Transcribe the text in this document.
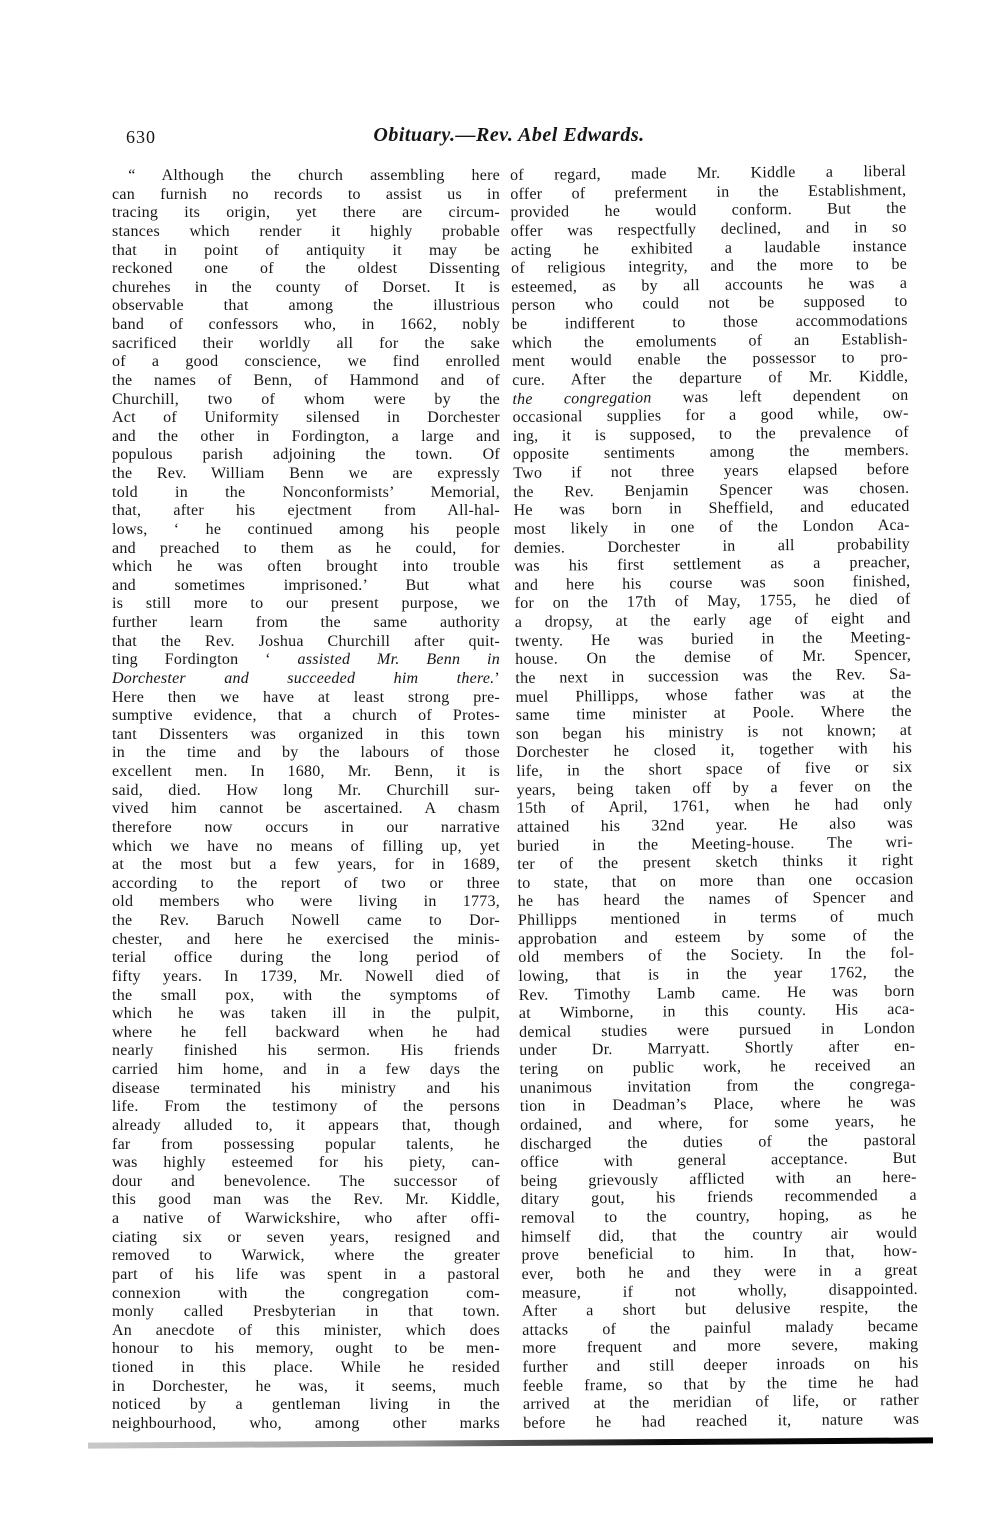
630	Obituary.—Rev. Abel Edwards.
 “ Although the church assembling here
can furnish no records to assist us in
tracing its origin, yet there are circum-
stances which render it highly probable
that in point of antiquity it may be
reckoned one of the oldest Dissenting
churehes in the county of Dorset. It is
observable that among the illustrious
band of confessors who, in 1662, nobly
sacrificed their worldly all for the sake
of a good conscience, we find enrolled
the names of Benn, of Hammond and of
Churchill, two of whom were by the
Act of Uniformity silensed in Dorchester
and the other in Fordington, a large and
populous parish adjoining the town. Of
the Rev. William Benn we are expressly
told in the Nonconformists’ Memorial,
that, after his ejectment from All-hal-
lows, ‘ he continued among his people
and preached to them as he could, for
which he was often brought into trouble
and sometimes imprisoned.’ But what
is still more to our present purpose, we
further learn from the same authority
that the Rev. Joshua Churchill after quit-
ting Fordington ‘ assisted Mr. Benn in
Dorchester and succeeded him there.’
Here then we have at least strong pre-
sumptive evidence, that a church of Protes-
tant Dissenters was organized in this town
in the time and by the labours of those
excellent men. In 1680, Mr. Benn, it is
said, died. How long Mr. Churchill sur-
vived him cannot be ascertained. A chasm
therefore now occurs in our narrative
which we have no means of filling up, yet
at the most but a few years, for in 1689,
according to the report of two or three
old members who were living in 1773,
the Rev. Baruch Nowell came to Dor-
chester, and here he exercised the minis-
terial office during the long period of
fifty years. In 1739, Mr. Nowell died of
the small pox, with the symptoms of
which he was taken ill in the pulpit,
where he fell backward when he had
nearly finished his sermon. His friends
carried him home, and in a few days the
disease terminated his ministry and his
life. From the testimony of the persons
already alluded to, it appears that, though
far from possessing popular talents, he
was highly esteemed for his piety, can-
dour and benevolence. The successor of
this good man was the Rev. Mr. Kiddle,
a native of Warwickshire, who after offi-
ciating six or seven years, resigned and
removed to Warwick, where the greater
part of his life was spent in a pastoral
connexion with the congregation com-
monly called Presbyterian in that town.
An anecdote of this minister, which does
honour to his memory, ought to be men-
tioned in this place. While he resided
in Dorchester, he was, it seems, much
noticed by a gentleman living in the
neighbourhood, who, among other marks
of regard, made Mr. Kiddle a liberal
offer of preferment in the Establishment,
provided he would conform. But the
offer was respectfully declined, and in so
acting he exhibited a laudable instance
of religious integrity, and the more to be
esteemed, as by all accounts he was a
person who could not be supposed to
be indifferent to those accommodations
which the emoluments of an Establish-
ment would enable the possessor to pro-
cure. After the departure of Mr. Kiddle,
the congregation was left dependent on
occasional supplies for a good while, ow-
ing, it is supposed, to the prevalence of
opposite sentiments among the members.
Two if not three years elapsed before
the Rev. Benjamin Spencer was chosen.
He was born in Sheffield, and educated
most likely in one of the London Aca-
demies. Dorchester in all probability
was his first settlement as a preacher,
and here his course was soon finished,
for on the 17th of May, 1755, he died of
a dropsy, at the early age of eight and
twenty. He was buried in the Meeting-
house. On the demise of Mr. Spencer,
the next in succession was the Rev. Sa-
muel Phillipps, whose father was at the
same time minister at Poole. Where the
son began his ministry is not known; at
Dorchester he closed it, together with his
life, in the short space of five or six
years, being taken off by a fever on the
15th of April, 1761, when he had only
attained his 32nd year. He also was
buried in the Meeting-house. The wri-
ter of the present sketch thinks it right
to state, that on more than one occasion
he has heard the names of Spencer and
Phillipps mentioned in terms of much
approbation and esteem by some of the
old members of the Society. In the fol-
lowing, that is in the year 1762, the
Rev. Timothy Lamb came. He was born
at Wimborne, in this county. His aca-
demical studies were pursued in London
under Dr. Marryatt. Shortly after en-
tering on public work, he received an
unanimous invitation from the congrega-
tion in Deadman’s Place, where he was
ordained, and where, for some years, he
discharged the duties of the pastoral
office with general acceptance. But
being grievously afflicted with an here-
ditary gout, his friends recommended a
removal to the country, hoping, as he
himself did, that the country air would
prove beneficial to him. In that, how-
ever, both he and they were in a great
measure, if not wholly, disappointed.
After a short but delusive respite, the
attacks of the painful malady became
more frequent and more severe, making
further and still deeper inroads on his
feeble frame, so that by the time he had
arrived at the meridian of life, or rather
before he had reached it, nature was
